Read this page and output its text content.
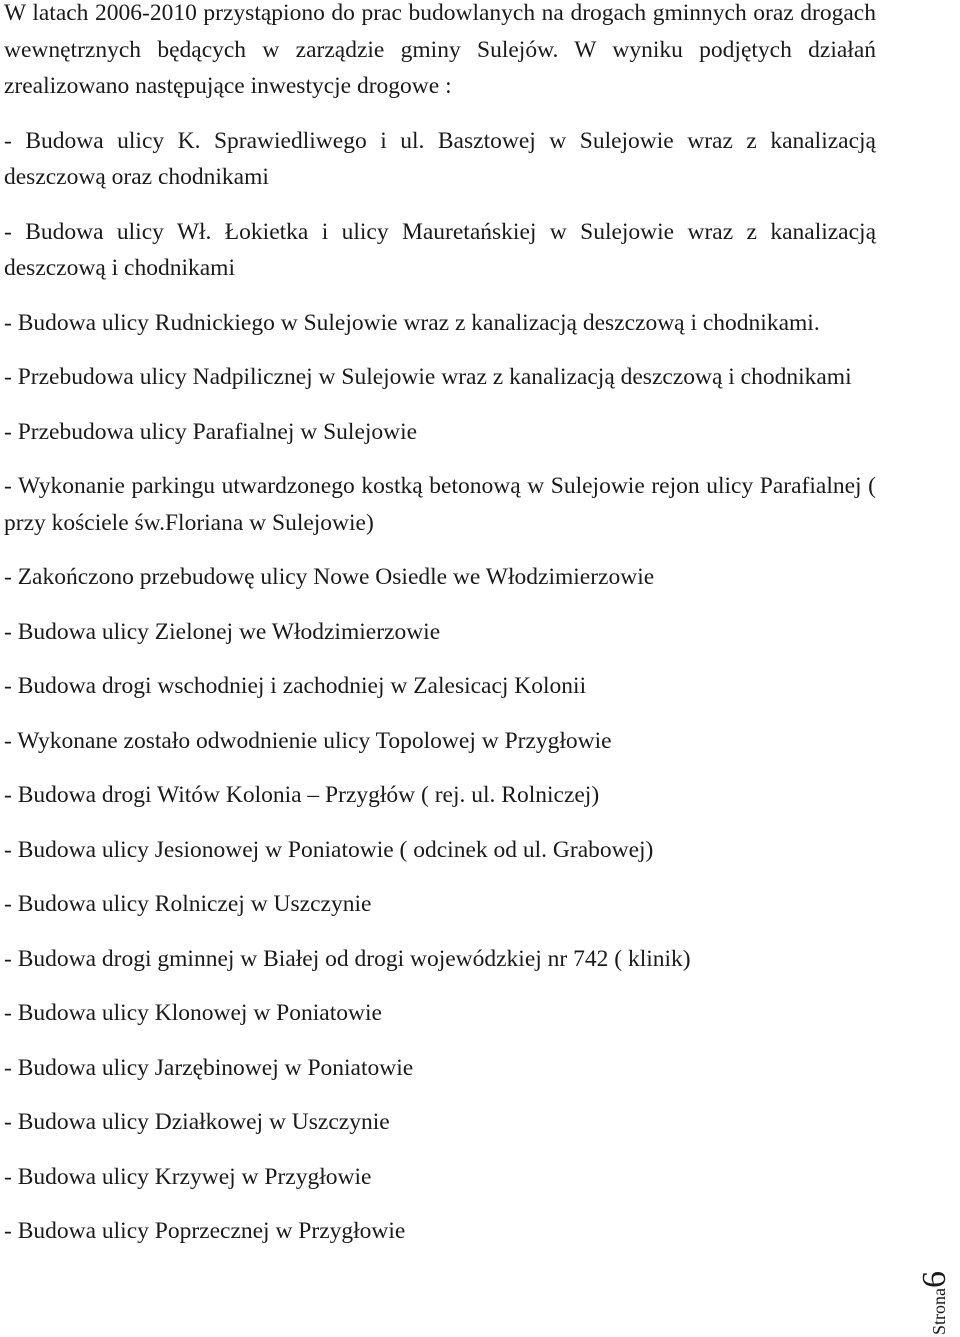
W latach 2006-2010 przystąpiono do prac budowlanych na drogach gminnych oraz drogach wewnętrznych będących w zarządzie gminy Sulejów. W wyniku podjętych działań zrealizowano następujące inwestycje drogowe :

- Budowa ulicy K. Sprawiedliwego i ul. Basztowej w Sulejowie wraz z kanalizacją deszczową oraz chodnikami

- Budowa ulicy Wł. Łokietka i ulicy Mauretańskiej w Sulejowie wraz z kanalizacją deszczową i chodnikami

- Budowa ulicy Rudnickiego w Sulejowie wraz z kanalizacją deszczową i chodnikami.

- Przebudowa ulicy Nadpilicznej w Sulejowie wraz z kanalizacją deszczową i chodnikami

- Przebudowa ulicy Parafialnej w Sulejowie

- Wykonanie parkingu utwardzonego kostką betonową w Sulejowie rejon ulicy Parafialnej ( przy kościele św.Floriana w Sulejowie)

- Zakończono przebudowę ulicy Nowe Osiedle we Włodzimierzowie

- Budowa ulicy Zielonej we Włodzimierzowie

- Budowa drogi wschodniej i zachodniej w Zalesicacj Kolonii

- Wykonane zostało odwodnienie ulicy Topolowej w Przygłowie

- Budowa drogi Witów Kolonia – Przygłów ( rej. ul. Rolniczej)

- Budowa ulicy Jesionowej w Poniatowie ( odcinek od ul. Grabowej)

- Budowa ulicy Rolniczej w Uszczynie

- Budowa drogi gminnej w Białej od drogi wojewódzkiej nr 742 ( klinik)

- Budowa ulicy Klonowej w Poniatowie

- Budowa ulicy Jarzębinowej w Poniatowie

- Budowa ulicy Działkowej w Uszczynie

- Budowa ulicy Krzywej w Przygłowie

- Budowa ulicy Poprzecznej w Przygłowie

Strona6
